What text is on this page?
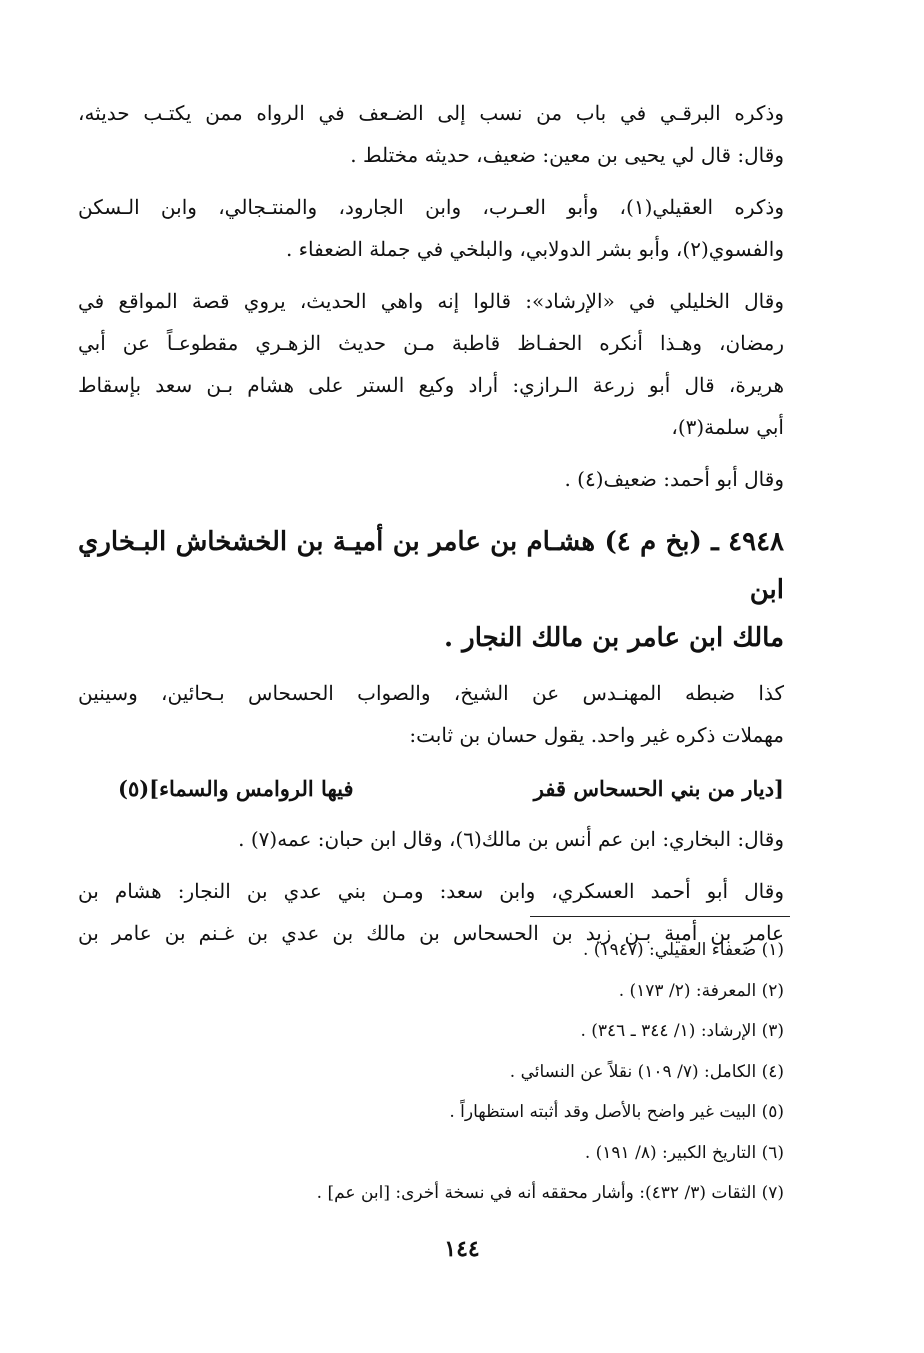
وذكره البرقـي في باب من نسب إلى الضـعف في الرواه ممن يكتـب حديثه،
وقال: قال لي يحيى بن معين: ضعيف، حديثه مختلط .

وذكره العقيلي(١)، وأبو العـرب، وابن الجارود، والمنتـجالي، وابن الـسكن
والفسوي(٢)، وأبو بشر الدولابي، والبلخي في جملة الضعفاء .

وقال الخليلي في «الإرشاد»: قالوا إنه واهي الحديث، يروي قصة المواقع في
رمضان، وهـذا أنكره الحفـاظ قاطبة مـن حديث الزهـري مقطوعـاً عن أبي
هريرة، قال أبو زرعة الـرازي: أراد وكيع الستر على هشام بـن سعد بإسقاط
أبي سلمة(٣)،

وقال أبو أحمد: ضعيف(٤) .

٤٩٤٨ ـ (بخ م ٤) هشـام بن عامر بن أميـة بن الخشخاش البـخاري ابن
مالك ابن عامر بن مالك النجار .

كذا ضبطه المهنـدس عن الشيخ، والصواب الحسحاس بـحائين، وسينين
مهملات ذكره غير واحد. يقول حسان بن ثابت:

[ديار من بني الحسحاس قفر
فيها الروامس والسماء](٥)

وقال: البخاري: ابن عم أنس بن مالك(٦)، وقال ابن حبان: عمه(٧) .

وقال أبو أحمد العسكري، وابن سعد: ومـن بني عدي بن النجار: هشام بن
عامر بن أمية بـن زيد بن الحسحاس بن مالك بن عدي بن غـنم بن عامر بن

(١) ضعفاء العقيلي: (١٩٤٧) .
(٢) المعرفة: (٢/ ١٧٣) .
(٣) الإرشاد: (١/ ٣٤٤ ـ ٣٤٦) .
(٤) الكامل: (٧/ ١٠٩) نقلاً عن النسائي .
(٥) البيت غير واضح بالأصل وقد أثبته استظهاراً .
(٦) التاريخ الكبير: (٨/ ١٩١) .
(٧) الثقات (٣/ ٤٣٢): وأشار محققه أنه في نسخة أخرى: [ابن عم] .
١٤٤
